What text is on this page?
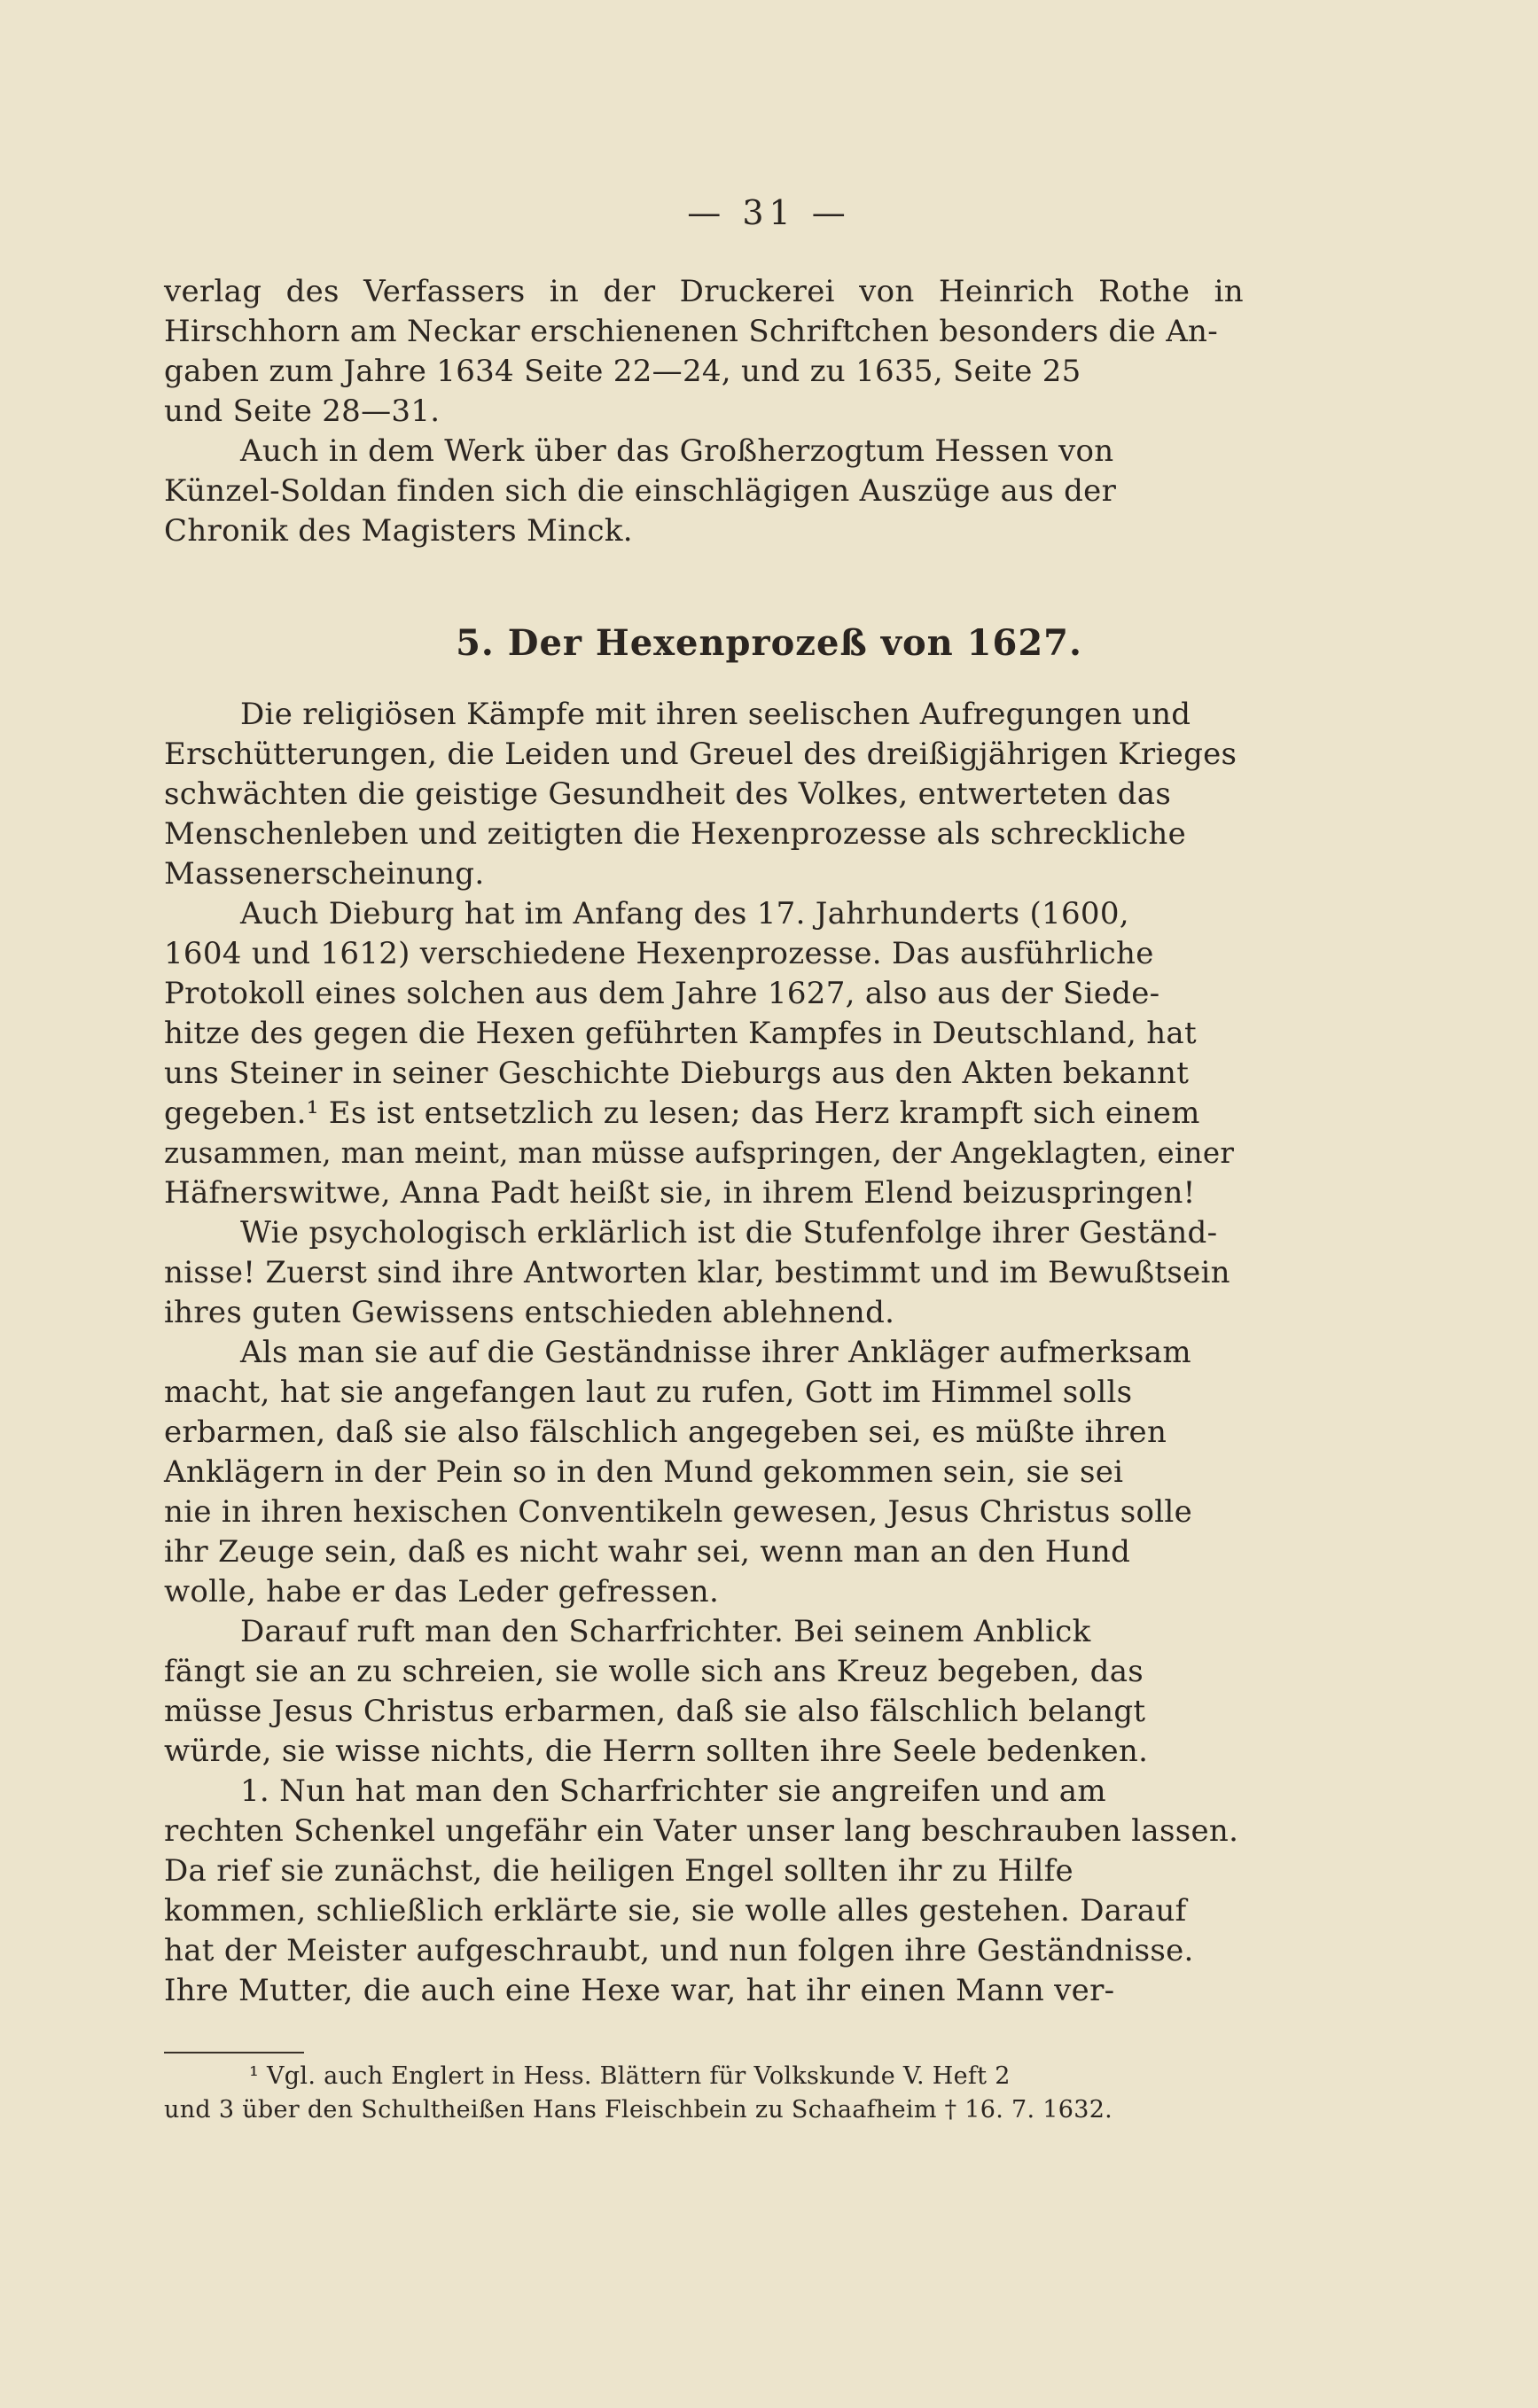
— 31 —
verlag des Verfassers in der Druckerei von Heinrich Rothe in
Hirschhorn am Neckar erschienenen Schriftchen besonders die An-
gaben zum Jahre 1634 Seite 22—24, und zu 1635, Seite 25
und Seite 28—31.
Auch in dem Werk über das Großherzogtum Hessen von
Künzel-Soldan finden sich die einschlägigen Auszüge aus der
Chronik des Magisters Minck.
5. Der Hexenprozeß von 1627.
Die religiösen Kämpfe mit ihren seelischen Aufregungen und
Erschütterungen, die Leiden und Greuel des dreißigjährigen Krieges
schwächten die geistige Gesundheit des Volkes, entwerteten das
Menschenleben und zeitigten die Hexenprozesse als schreckliche
Massenerscheinung.
Auch Dieburg hat im Anfang des 17. Jahrhunderts (1600,
1604 und 1612) verschiedene Hexenprozesse. Das ausführliche
Protokoll eines solchen aus dem Jahre 1627, also aus der Siede-
hitze des gegen die Hexen geführten Kampfes in Deutschland, hat
uns Steiner in seiner Geschichte Dieburgs aus den Akten bekannt
gegeben.¹ Es ist entsetzlich zu lesen; das Herz krampft sich einem
zusammen, man meint, man müsse aufspringen, der Angeklagten, einer
Häfnerswitwe, Anna Padt heißt sie, in ihrem Elend beizuspringen!
Wie psychologisch erklärlich ist die Stufenfolge ihrer Geständ-
nisse! Zuerst sind ihre Antworten klar, bestimmt und im Bewußtsein
ihres guten Gewissens entschieden ablehnend.
Als man sie auf die Geständnisse ihrer Ankläger aufmerksam
macht, hat sie angefangen laut zu rufen, Gott im Himmel solls
erbarmen, daß sie also fälschlich angegeben sei, es müßte ihren
Anklägern in der Pein so in den Mund gekommen sein, sie sei
nie in ihren hexischen Conventikeln gewesen, Jesus Christus solle
ihr Zeuge sein, daß es nicht wahr sei, wenn man an den Hund
wolle, habe er das Leder gefressen.
Darauf ruft man den Scharfrichter. Bei seinem Anblick
fängt sie an zu schreien, sie wolle sich ans Kreuz begeben, das
müsse Jesus Christus erbarmen, daß sie also fälschlich belangt
würde, sie wisse nichts, die Herrn sollten ihre Seele bedenken.
1. Nun hat man den Scharfrichter sie angreifen und am
rechten Schenkel ungefähr ein Vater unser lang beschrauben lassen.
Da rief sie zunächst, die heiligen Engel sollten ihr zu Hilfe
kommen, schließlich erklärte sie, sie wolle alles gestehen. Darauf
hat der Meister aufgeschraubt, und nun folgen ihre Geständnisse.
Ihre Mutter, die auch eine Hexe war, hat ihr einen Mann ver-
¹ Vgl. auch Englert in Hess. Blättern für Volkskunde V. Heft 2
und 3 über den Schultheißen Hans Fleischbein zu Schaafheim † 16. 7. 1632.
